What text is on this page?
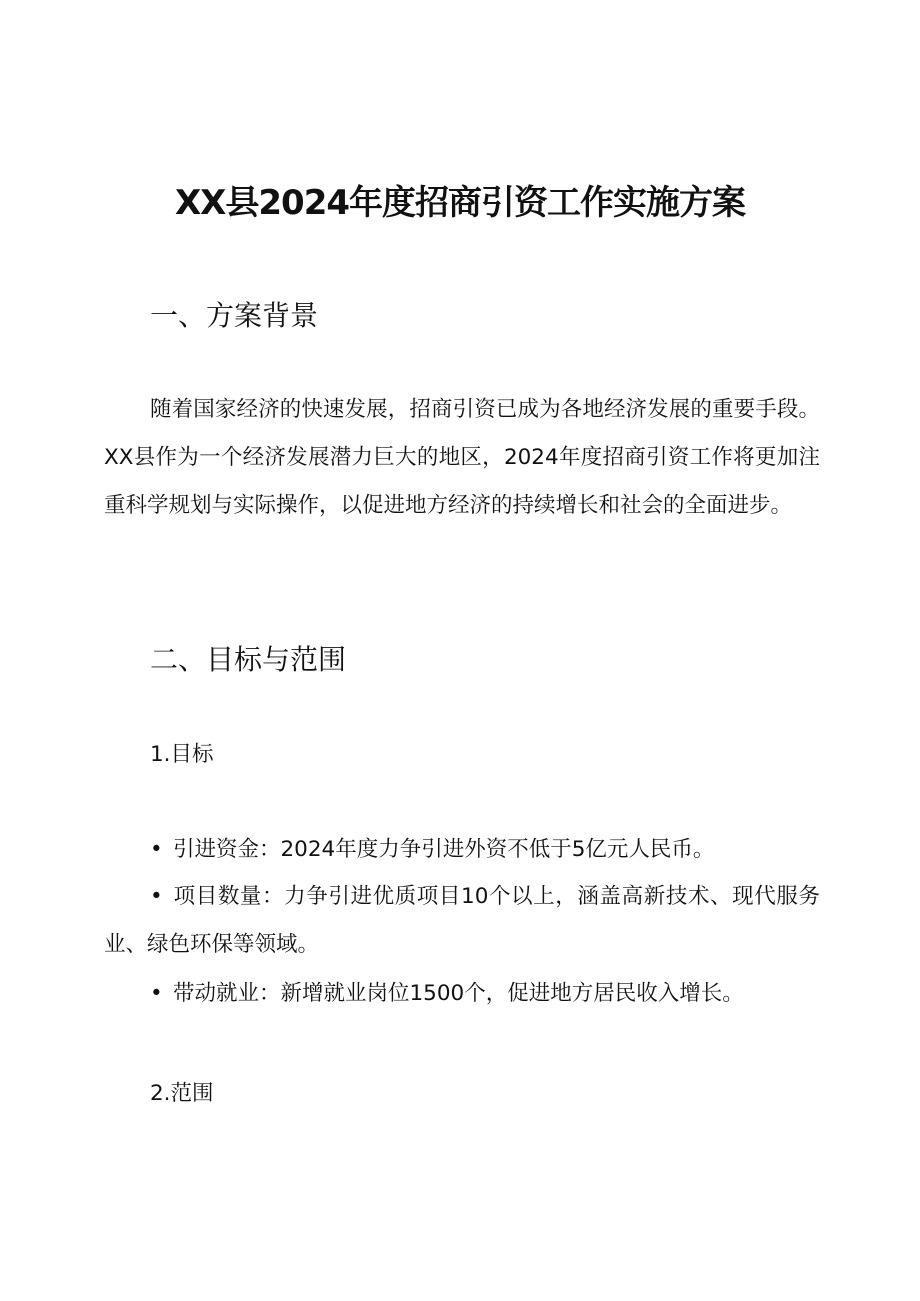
XX县2024年度招商引资工作实施方案
一、方案背景

随着国家经济的快速发展，招商引资已成为各地经济发展的重要手段。XX县作为一个经济发展潜力巨大的地区，2024年度招商引资工作将更加注重科学规划与实际操作，以促进地方经济的持续增长和社会的全面进步。

二、目标与范围
1.目标

• 引进资金：2024年度力争引进外资不低于5亿元人民币。

• 项目数量：力争引进优质项目10个以上，涵盖高新技术、现代服务业、绿色环保等领域。

• 带动就业：新增就业岗位1500个，促进地方居民收入增长。

2.范围
